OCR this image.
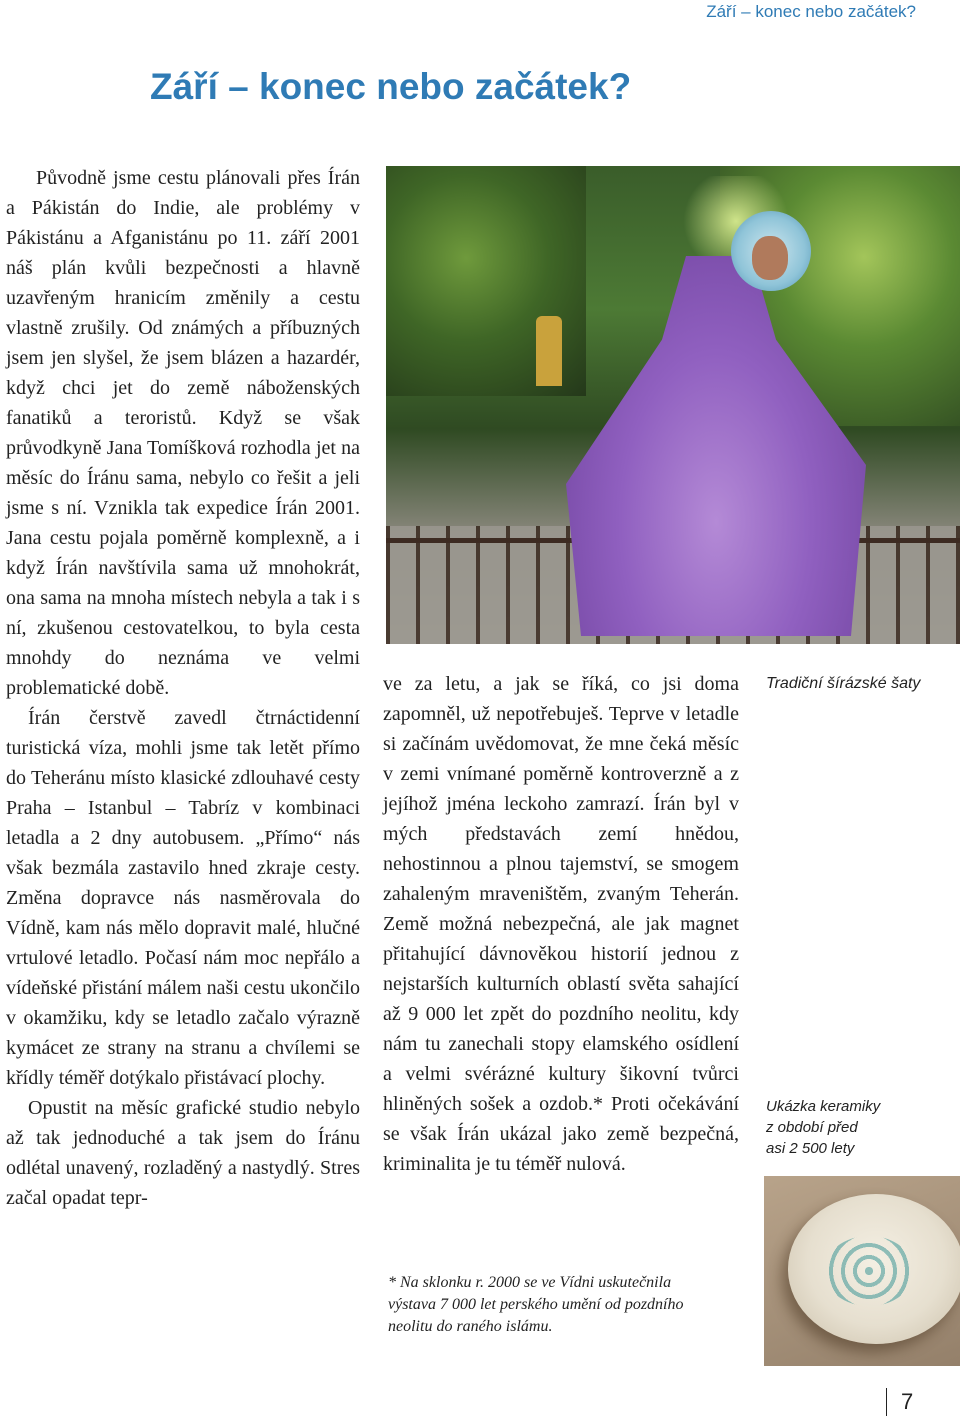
Září – konec nebo začátek?
Září – konec nebo začátek?

Původně jsme cestu plánovali přes Írán a Pákistán do Indie, ale problémy v Pákistánu a Afganistánu po 11. září 2001 náš plán kvůli bezpečnosti a hlavně uzavřeným hranicím změnily a cestu vlastně zrušily. Od známých a příbuzných jsem jen slyšel, že jsem blázen a hazardér, když chci jet do země náboženských fanatiků a teroristů. Když se však průvodkyně Jana Tomíšková rozhodla jet na měsíc do Íránu sama, nebylo co řešit a jeli jsme s ní. Vznikla tak expedice Írán 2001. Jana cestu pojala poměrně komplexně, a i když Írán navštívila sama už mnohokrát, ona sama na mnoha místech nebyla a tak i s ní, zkušenou cestovatelkou, to byla cesta mnohdy do neznáma ve velmi problematické době.

Írán čerstvě zavedl čtrnáctidenní turistická víza, mohli jsme tak letět přímo do Teheránu místo klasické zdlouhavé cesty Praha – Istanbul – Tabríz v kombinaci letadla a 2 dny autobusem. „Přímo“ nás však bezmála zastavilo hned zkraje cesty. Změna dopravce nás nasměrovala do Vídně, kam nás mělo dopravit malé, hlučné vrtulové letadlo. Počasí nám moc nepřálo a vídeňské přistání málem naši cestu ukončilo v okamžiku, kdy se letadlo začalo výrazně kymácet ze strany na stranu a chvílemi se křídly téměř dotýkalo přistávací plochy.

Opustit na měsíc grafické studio nebylo až tak jednoduché a tak jsem do Íránu odlétal unavený, rozladěný a nastydlý. Stres začal opadat tepr-

Tradiční šírázské šaty

ve za letu, a jak se říká, co jsi doma zapomněl, už nepotřebuješ. Teprve v letadle si začínám uvědomovat, že mne čeká měsíc v zemi vnímané poměrně kontroverzně a z jejíhož jména leckoho zamrazí. Írán byl v mých představách zemí hnědou, nehostinnou a plnou tajemství, se smogem zahaleným mraveništěm, zvaným Teherán. Země možná nebezpečná, ale jak magnet přitahující dávnověkou historií jednou z nejstarších kulturních oblastí světa sahající až 9 000 let zpět do pozdního neolitu, kdy nám tu zanechali stopy elamského osídlení a velmi svérázné kultury šikovní tvůrci hliněných sošek a ozdob.* Proti očekávání se však Írán ukázal jako země bezpečná, kriminalita je tu téměř nulová.

Ukázka keramiky
z období před
asi 2 500 lety
* Na sklonku r. 2000 se ve Vídni uskutečnila
výstava 7 000 let perského umění od pozdního
neolitu do raného islámu.
7
